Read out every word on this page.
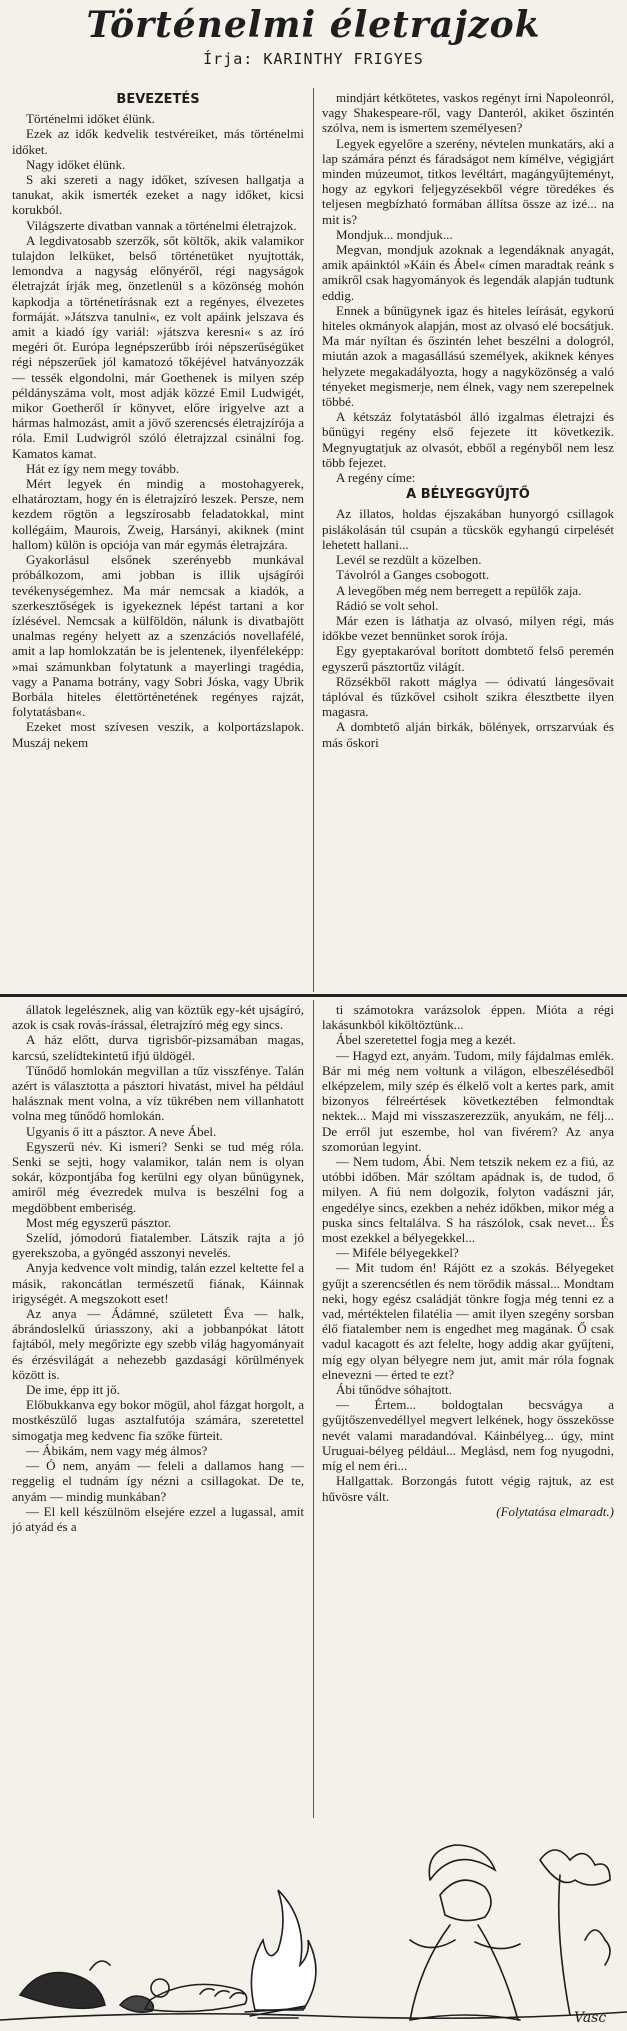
Történelmi életrajzok
Írja: KARINTHY FRIGYES

BEVEZETÉS

Történelmi időket élünk.

Ezek az idők kedvelik testvéreiket, más történelmi időket.

Nagy időket élünk.

S aki szereti a nagy időket, szívesen hallgatja a tanukat, akik ismerték ezeket a nagy időket, kicsi korukból.

Világszerte divatban vannak a történelmi életrajzok.

A legdivatosabb szerzők, sőt költők, akik valamikor tulajdon lelküket, belső történetüket nyujtották, lemondva a nagyság előnyéről, régi nagyságok életrajzát írják meg, önzetlenül s a közönség mohón kapkodja a történetírásnak ezt a regényes, élvezetes formáját. »Játszva tanulni«, ez volt apáink jelszava és amit a kiadó így variál: »játszva keresni« s az író megéri őt. Európa legnépszerűbb írói népszerűségüket régi népszerűek jól kamatozó tőkéjével hatványozzák — tessék elgondolni, már Goethenek is milyen szép példányszáma volt, most adják közzé Emil Ludwigét, mikor Goetheről ír könyvet, előre irigyelve azt a hármas halmozást, amit a jövő szerencsés életrajzírója a róla. Emil Ludwigról szóló életrajzzal csinálni fog. Kamatos kamat.

Hát ez így nem megy tovább.

Mért legyek én mindig a mostohagyerek, elhatároztam, hogy én is életrajzíró leszek. Persze, nem kezdem rögtön a legszírosabb feladatokkal, mint kollégáim, Maurois, Zweig, Harsányi, akiknek (mint hallom) külön is opciója van már egymás életrajzára.

Gyakorlásul elsőnek szerényebb munkával próbálkozom, ami jobban is illik ujságírói tevékenységemhez. Ma már nemcsak a kiadók, a szerkesztőségek is igyekeznek lépést tartani a kor ízlésével. Nemcsak a külföldön, nálunk is divatbajött unalmas regény helyett az a szenzációs novellafélé, amit a lap homlokzatán be is jelentenek, ilyenféleképp: »mai számunkban folytatunk a mayerlingi tragédia, vagy a Panama botrány, vagy Sobri Jóska, vagy Ubrik Borbála hiteles élettörténetének regényes rajzát, folytatásban«.

Ezeket most szívesen veszik, a kolportázslapok. Muszáj nekem

mindjárt kétkötetes, vaskos regényt írni Napoleonról, vagy Shakespeare-ről, vagy Danteról, akiket őszintén szólva, nem is ismertem személyesen?

Legyek egyelőre a szerény, névtelen munkatárs, aki a lap számára pénzt és fáradságot nem kímélve, végigjárt minden múzeumot, titkos levéltárt, magángyűjteményt, hogy az egykori feljegyzésekből végre töredékes és teljesen megbízható formában állítsa össze az izé... na mit is?

Mondjuk... mondjuk...

Megvan, mondjuk azoknak a legendáknak anyagát, amik apáinktól »Káin és Ábel« címen maradtak reánk s amikről csak hagyományok és legendák alapján tudtunk eddig.

Ennek a bűnügynek igaz és hiteles leírását, egykorú hiteles okmányok alapján, most az olvasó elé bocsátjuk. Ma már nyíltan és őszintén lehet beszélni a dologról, miután azok a magasállású személyek, akiknek kényes helyzete megakadályozta, hogy a nagyközönség a való tényeket megismerje, nem élnek, vagy nem szerepelnek többé.

A kétszáz folytatásból álló izgalmas életrajzi és bűnügyi regény első fejezete itt következik. Megnyugtatjuk az olvasót, ebből a regényből nem lesz több fejezet.

A regény címe:

A BÉLYEGGYŰJTŐ

Az illatos, holdas éjszakában hunyorgó csillagok pislákolásán túl csupán a tücskök egyhangú cirpelését lehetett hallani...

Levél se rezdült a közelben.

Távolról a Ganges csobogott.

A levegőben még nem berregett a repülők zaja.

Rádió se volt sehol.

Már ezen is láthatja az olvasó, milyen régi, más időkbe vezet bennünket sorok írója.

Egy gyeptakaróval borított dombtető felső peremén egyszerű pásztortűz világít.

Rőzsékből rakott máglya — ódivatú lángesővait táplóval és tűzkővel csiholt szikra élesztbette ilyen magasra.

A dombtető alján birkák, bölények, orrszarvúak és más őskori

állatok legelésznek, alig van köztük egy-két ujságíró, azok is csak rovás-írással, életrajzíró még egy sincs.

A ház előtt, durva tigrisbőr-pizsamában magas, karcsú, szelídtekintetű ifjú üldögél.

Tűnődő homlokán megvillan a tűz visszfénye. Talán azért is választotta a pásztori hivatást, mivel ha például halásznak ment volna, a víz tükrében nem villanhatott volna meg tűnődő homlokán.

Ugyanis ő itt a pásztor. A neve Ábel.

Egyszerű név. Ki ismeri? Senki se tud még róla. Senki se sejti, hogy valamikor, talán nem is olyan sokár, központjába fog kerülni egy olyan bűnügynek, amiről még évezredek mulva is beszélni fog a megdöbbent emberiség.

Most még egyszerű pásztor.

Szelíd, jómodorú fiatalember. Látszik rajta a jó gyerekszoba, a gyöngéd asszonyi nevelés.

Anyja kedvence volt mindig, talán ezzel keltette fel a másik, rakoncátlan természetű fiának, Káinnak irigységét. A megszokott eset!

Az anya — Ádámné, született Éva — halk, ábrándoslelkű úriasszony, aki a jobbanpókat látott fajtából, mely megőrizte egy szebb világ hagyományait és érzésvilágát a nehezebb gazdasági körülmények között is.

De ime, épp itt jő.

Előbukkanva egy bokor mögül, ahol fázgat horgolt, a mostkészülő lugas asztalfutója számára, szeretettel simogatja meg kedvenc fia szőke fürteit.

— Ábikám, nem vagy még álmos?

— Ó nem, anyám — feleli a dallamos hang — reggelig el tudnám így nézni a csillagokat. De te, anyám — mindig munkában?

— El kell készülnöm elsejére ezzel a lugassal, amit jó atyád és a

ti számotokra varázsolok éppen. Mióta a régi lakásunkból kiköltöztünk...

Ábel szeretettel fogja meg a kezét.

— Hagyd ezt, anyám. Tudom, mily fájdalmas emlék. Bár mi még nem voltunk a világon, elbeszélésedből elképzelem, mily szép és élkelő volt a kertes park, amit bizonyos félreértések következtében felmondtak nektek... Majd mi visszaszerezzük, anyukám, ne félj... De erről jut eszembe, hol van fivérem? Az anya szomorúan legyint.

— Nem tudom, Ábi. Nem tetszik nekem ez a fiú, az utóbbi időben. Már szóltam apádnak is, de tudod, ő milyen. A fiú nem dolgozik, folyton vadászni jár, engedélye sincs, ezekben a nehéz időkben, mikor még a puska sincs feltalálva. S ha rászólok, csak nevet... És most ezekkel a bélyegekkel...

— Miféle bélyegekkel?

— Mit tudom én! Rájött ez a szokás. Bélyegeket gyűjt a szerencsétlen és nem törődik mással... Mondtam neki, hogy egész családját tönkre fogja még tenni ez a vad, mértéktelen filatélia — amit ilyen szegény sorsban élő fiatalember nem is engedhet meg magának. Ő csak vadul kacagott és azt felelte, hogy addig akar gyűjteni, míg egy olyan bélyegre nem jut, amit már róla fognak elnevezni — érted te ezt?

Ábi tűnődve sóhajtott.

— Értem... boldogtalan becsvágya a gyűjtőszenvedéllyel megvert lelkének, hogy összekösse nevét valami maradandóval. Káinbélyeg... úgy, mint Uruguai-bélyeg például... Meglásd, nem fog nyugodni, míg el nem éri...

Hallgattak. Borzongás futott végig rajtuk, az est hűvösre vált.

(Folytatása elmaradt.)

Vasc
